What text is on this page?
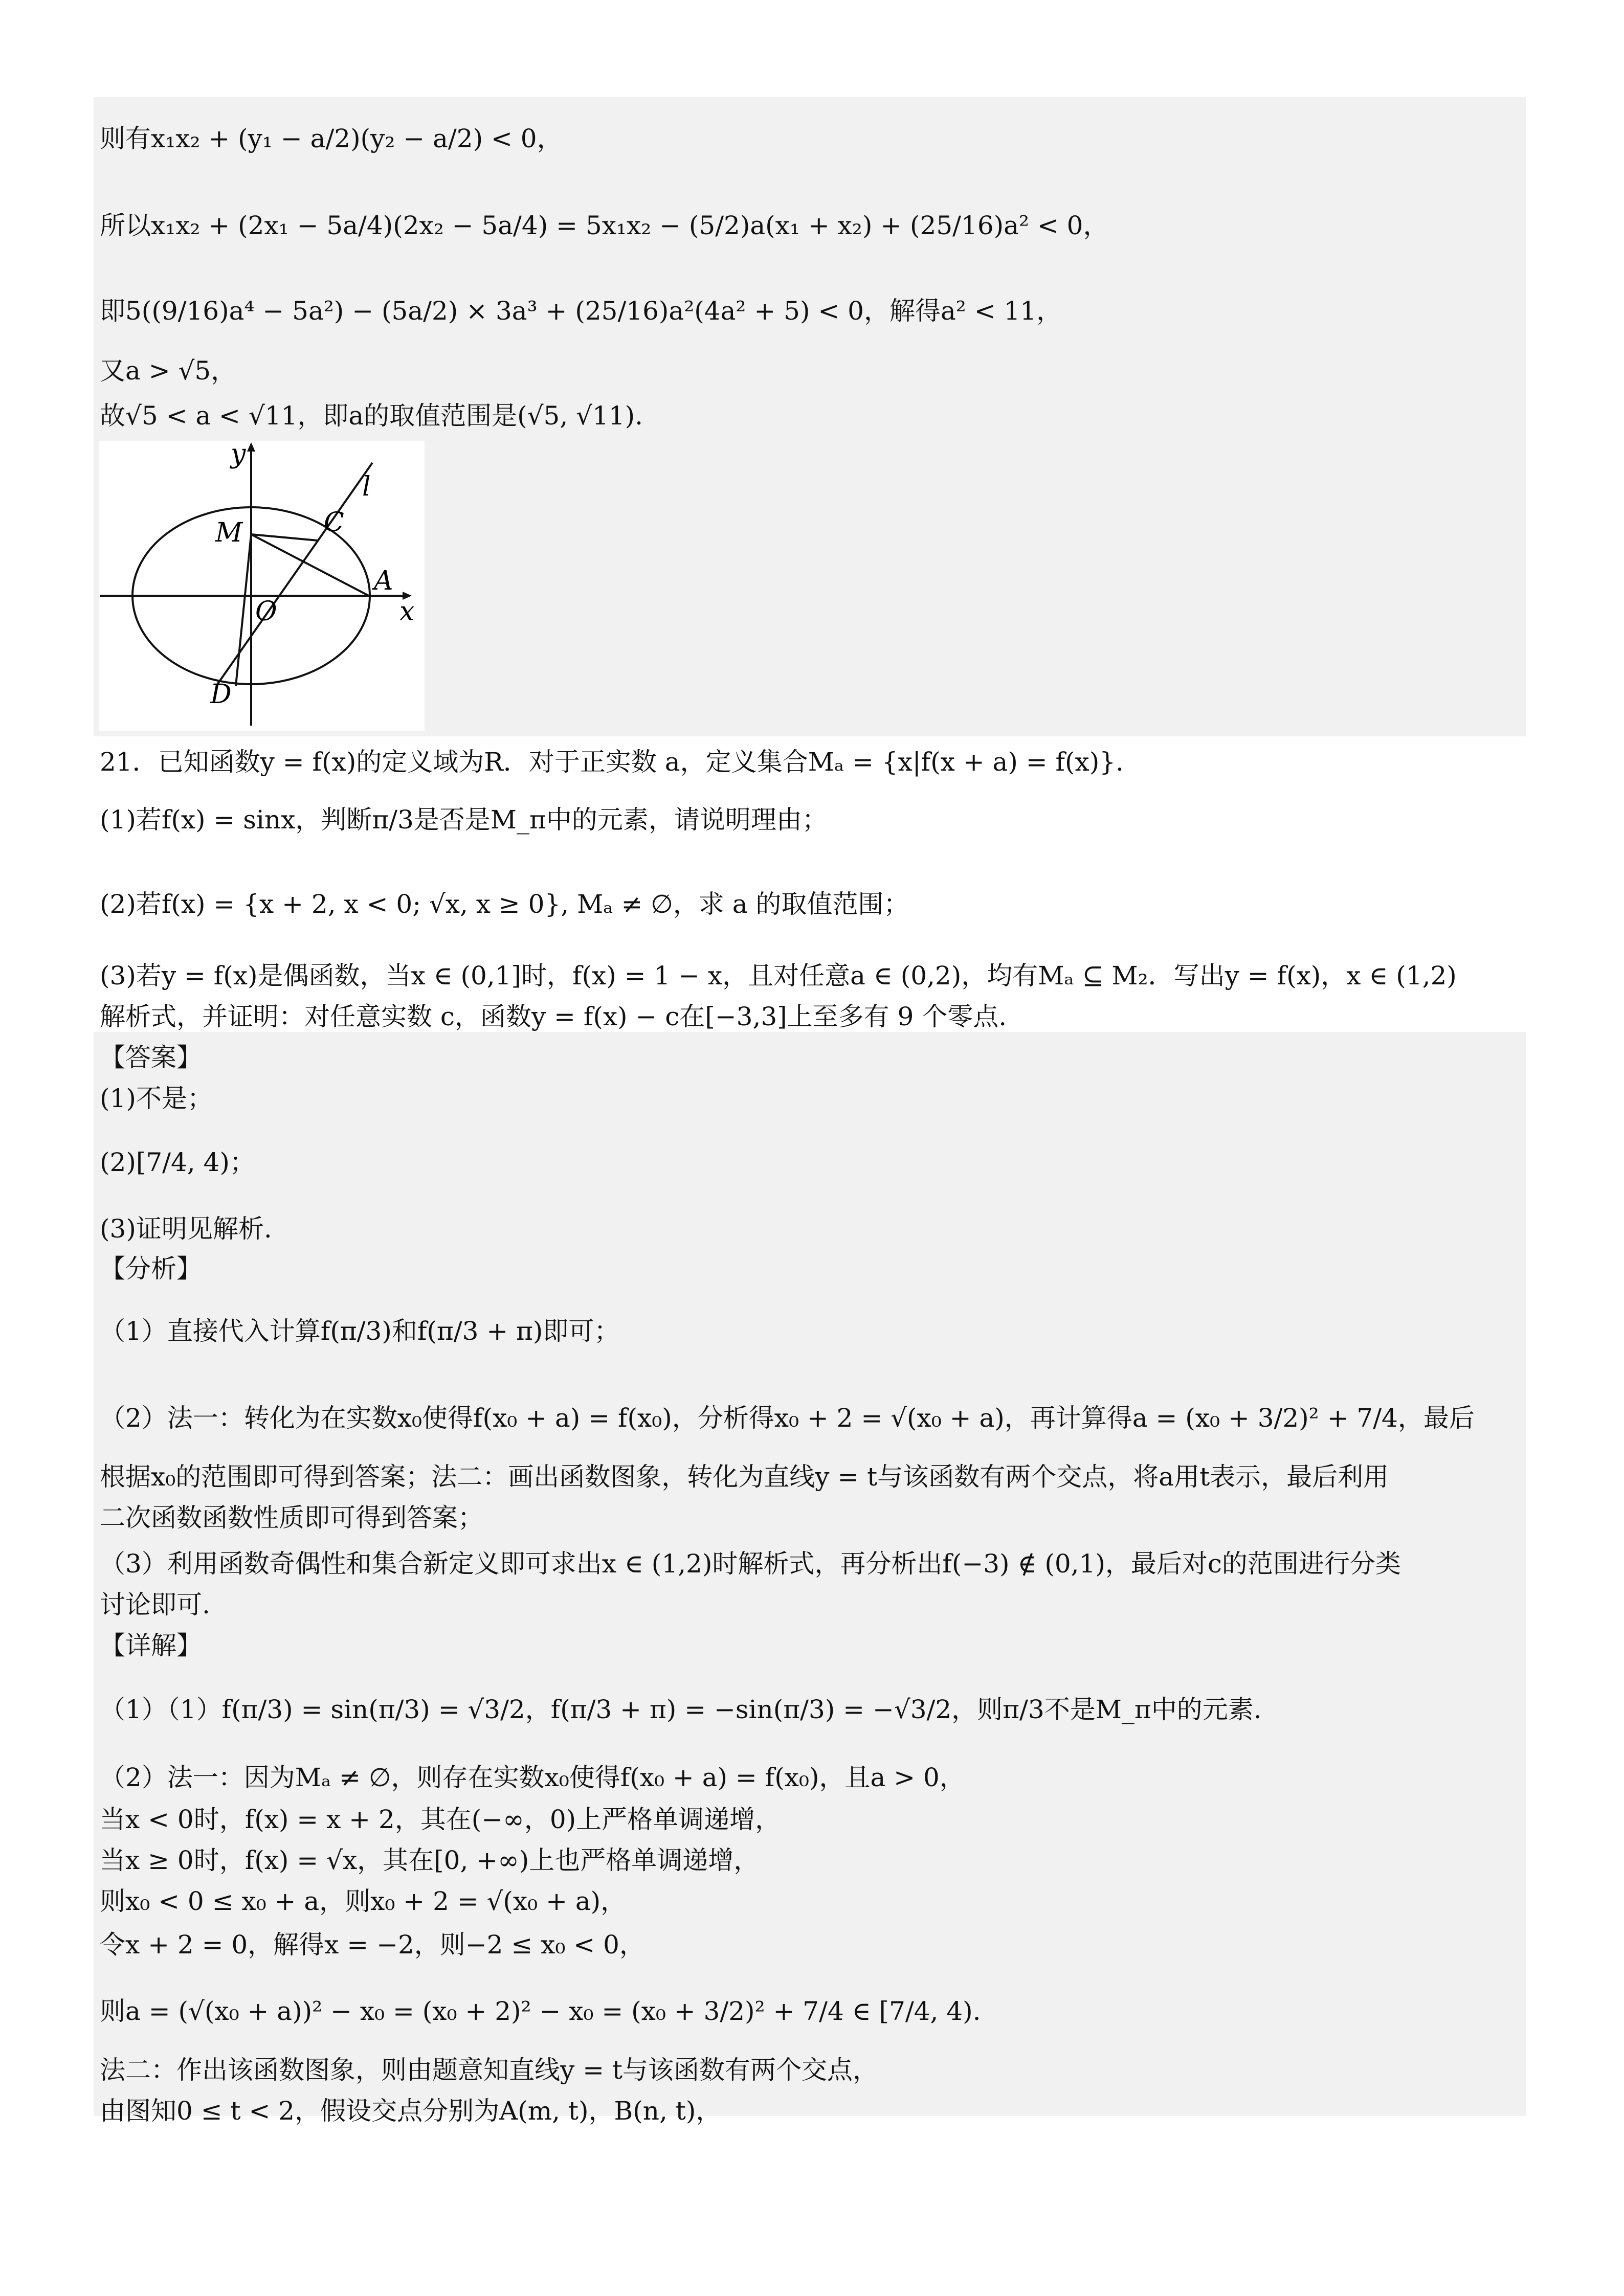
则有x₁x₂ + (y₁ − a/2)(y₂ − a/2) < 0，
所以x₁x₂ + (2x₁ − 5a/4)(2x₂ − 5a/4) = 5x₁x₂ − (5/2)a(x₁ + x₂) + (25/16)a² < 0，
即5((9/16)a⁴ − 5a²) − (5a/2) × 3a³ + (25/16)a²(4a² + 5) < 0，解得a² < 11，
又a > √5，
故√5 < a < √11，即a的取值范围是(√5, √11).
y
x
l
M	C
A
O
D
21．已知函数y = f(x)的定义域为R．对于正实数 a，定义集合Mₐ = {x|f(x + a) = f(x)}.
(1)若f(x) = sinx，判断π/3是否是M_π中的元素，请说明理由；
(2)若f(x) = {x + 2, x < 0; √x, x ≥ 0}, Mₐ ≠ ∅，求 a 的取值范围；
(3)若y = f(x)是偶函数，当x ∈ (0,1]时，f(x) = 1 − x，且对任意a ∈ (0,2)，均有Mₐ ⊆ M₂．写出y = f(x)，x ∈ (1,2)
解析式，并证明：对任意实数 c，函数y = f(x) − c在[−3,3]上至多有 9 个零点.
【答案】
(1)不是；
(2)[7/4, 4)；
(3)证明见解析.
【分析】
（1）直接代入计算f(π/3)和f(π/3 + π)即可；
（2）法一：转化为在实数x₀使得f(x₀ + a) = f(x₀)，分析得x₀ + 2 = √(x₀ + a)，再计算得a = (x₀ + 3/2)² + 7/4，最后
根据x₀的范围即可得到答案；法二：画出函数图象，转化为直线y = t与该函数有两个交点，将a用t表示，最后利用
二次函数函数性质即可得到答案；
（3）利用函数奇偶性和集合新定义即可求出x ∈ (1,2)时解析式，再分析出f(−3) ∉ (0,1)，最后对c的范围进行分类
讨论即可.
【详解】
（1）（1）f(π/3) = sin(π/3) = √3/2，f(π/3 + π) = −sin(π/3) = −√3/2，则π/3不是M_π中的元素.
（2）法一：因为Mₐ ≠ ∅，则存在实数x₀使得f(x₀ + a) = f(x₀)，且a > 0，
当x < 0时，f(x) = x + 2，其在(−∞，0)上严格单调递增，
当x ≥ 0时，f(x) = √x，其在[0, +∞)上也严格单调递增，
则x₀ < 0 ≤ x₀ + a，则x₀ + 2 = √(x₀ + a)，
令x + 2 = 0，解得x = −2，则−2 ≤ x₀ < 0，
则a = (√(x₀ + a))² − x₀ = (x₀ + 2)² − x₀ = (x₀ + 3/2)² + 7/4 ∈ [7/4, 4).
法二：作出该函数图象，则由题意知直线y = t与该函数有两个交点，
由图知0 ≤ t < 2，假设交点分别为A(m, t)，B(n, t)，
